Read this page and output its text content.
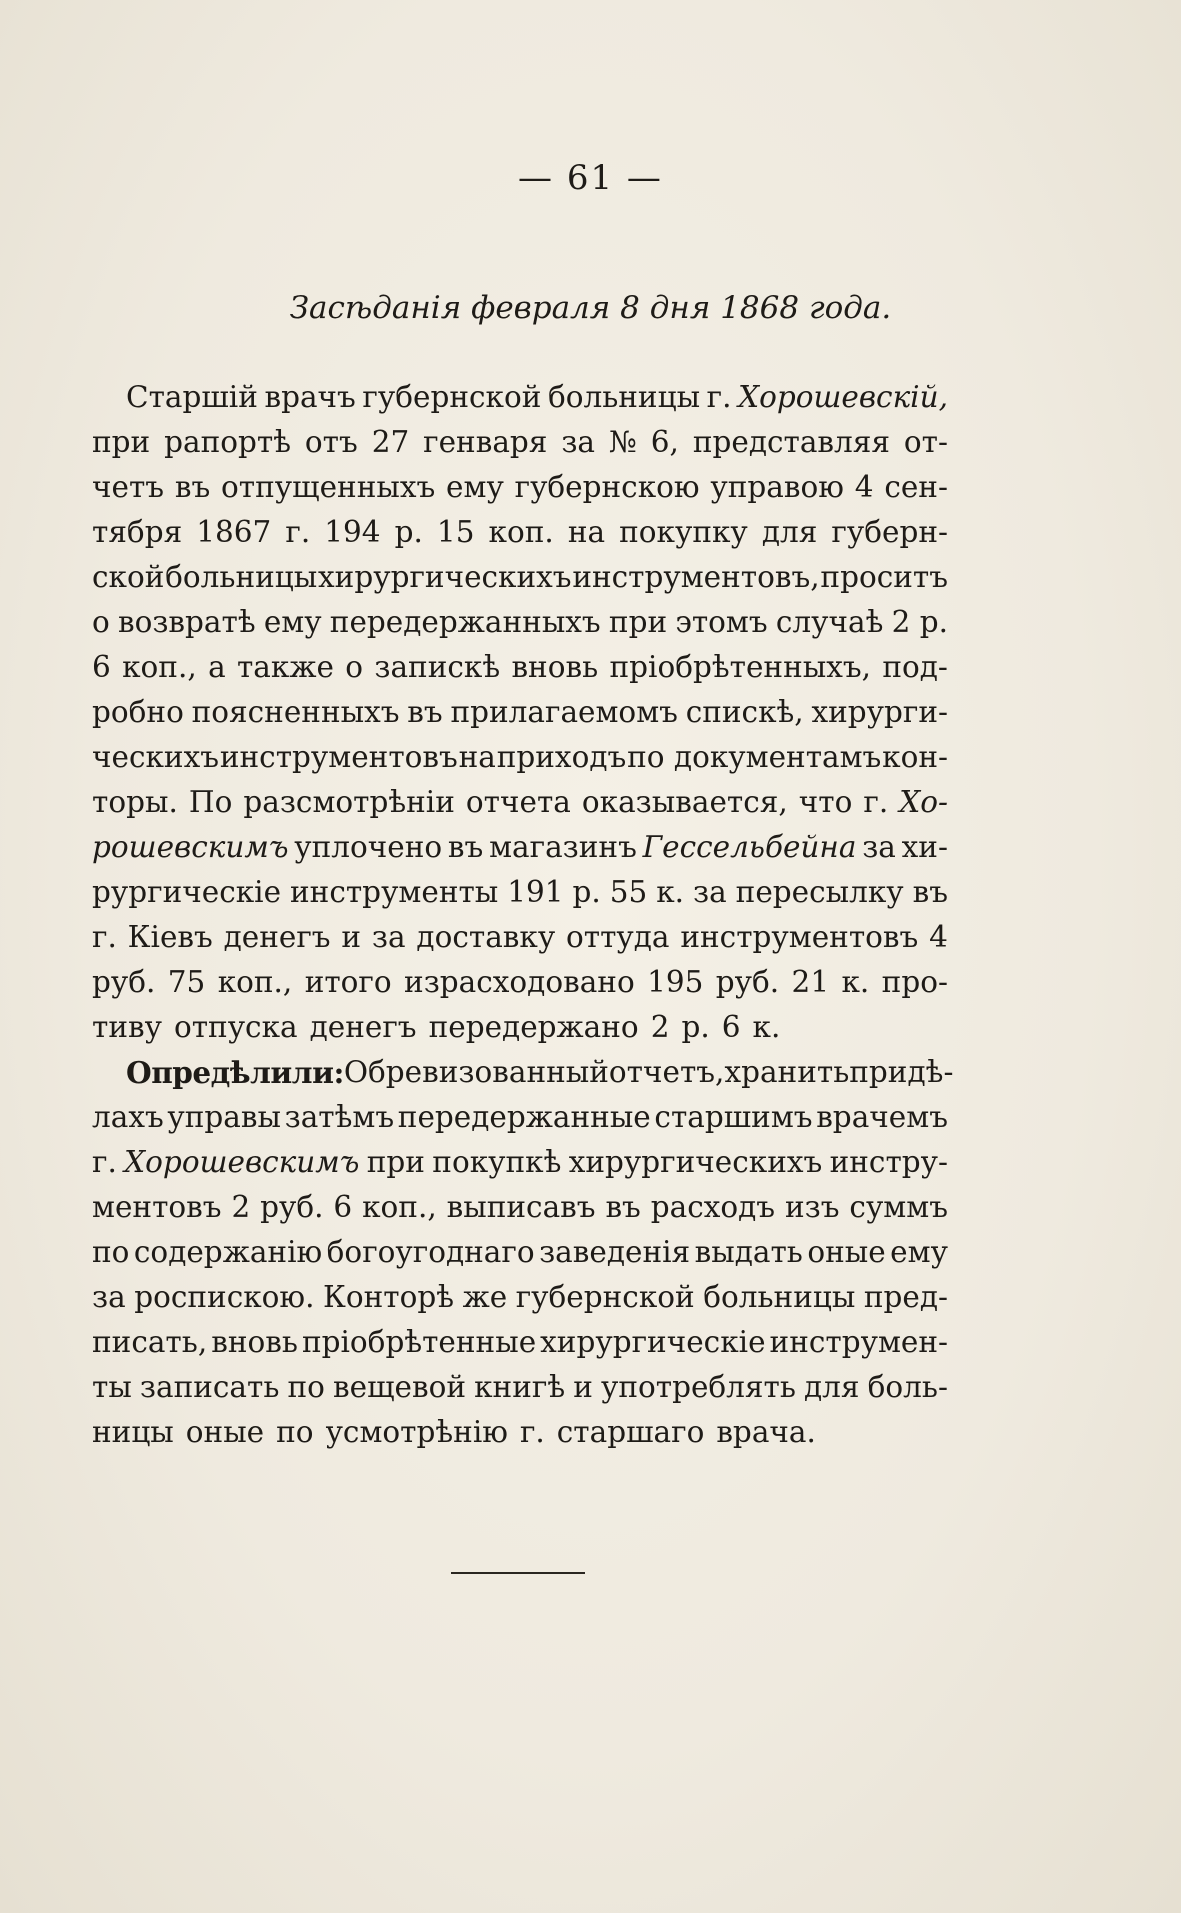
— 61 —
Засѣданія февраля 8 дня 1868 года.
Старшій врачъ губернской больницы г. Хорошевскій,
при рапортѣ отъ 27 генваря за № 6, представляя от-
четъ въ отпущенныхъ ему губернскою управою 4 сен-
тября 1867 г. 194 р. 15 коп. на покупку для губерн-
ской больницы хирургическихъ инструментовъ, проситъ
о возвратѣ ему передержанныхъ при этомъ случаѣ 2 р.
6 коп., а также о запискѣ вновь пріобрѣтенныхъ, под-
робно поясненныхъ въ прилагаемомъ спискѣ, хирурги-
ческихъ инструментовъ на приходъ по документамъ кон-
торы. По разсмотрѣніи отчета оказывается, что г. Хо-
рошевскимъ уплочено въ магазинъ Гессельбейна за хи-
рургическіе инструменты 191 р. 55 к. за пересылку въ
г. Кіевъ денегъ и за доставку оттуда инструментовъ 4
руб. 75 коп., итого израсходовано 195 руб. 21 к. про-
тиву отпуска денегъ передержано 2 р. 6 к.
Опредѣлили: Обревизованный отчетъ, хранить при дѣ-
лахъ управы затѣмъ передержанные старшимъ врачемъ
г. Хорошевскимъ при покупкѣ хирургическихъ инстру-
ментовъ 2 руб. 6 коп., выписавъ въ расходъ изъ суммъ
по содержанію богоугоднаго заведенія выдать оные ему
за роспискою. Конторѣ же губернской больницы пред-
писать, вновь пріобрѣтенные хирургическіе инструмен-
ты записать по вещевой книгѣ и употреблять для боль-
ницы оные по усмотрѣнію г. старшаго врача.
